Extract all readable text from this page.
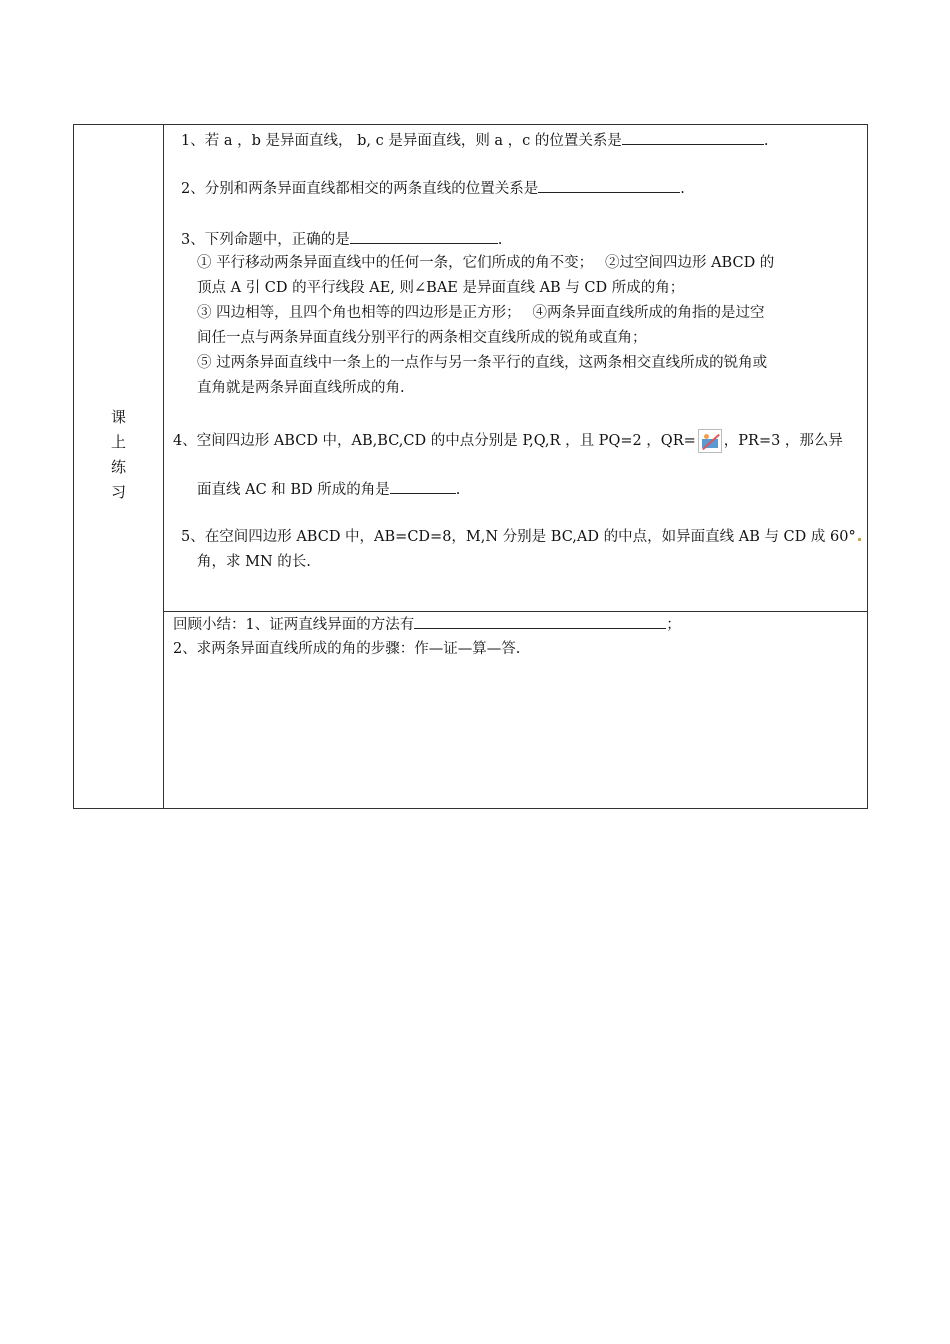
课
上
练
习
1、若 a ，b 是异面直线， b, c 是异面直线，则 a ，c 的位置关系是	.
2、分别和两条异面直线都相交的两条直线的位置关系是	.
3、下列命题中，正确的是	.
① 平行移动两条异面直线中的任何一条，它们所成的角不变；　 ②过空间四边形 ABCD 的
顶点 A 引 CD 的平行线段 AE, 则∠BAE 是异面直线 AB 与 CD 所成的角；
③ 四边相等，且四个角也相等的四边形是正方形；　 ④两条异面直线所成的角指的是过空
间任一点与两条异面直线分别平行的两条相交直线所成的锐角或直角；
⑤ 过两条异面直线中一条上的一点作与另一条平行的直线，这两条相交直线所成的锐角或
直角就是两条异面直线所成的角.
4、空间四边形 ABCD 中，AB,BC,CD 的中点分别是 P,Q,R ，且 PQ=2 ，QR= ，PR=3 ，那么异
面直线 AC 和 BD 所成的角是	.
5、在空间四边形 ABCD 中，AB=CD=8，M,N 分别是 BC,AD 的中点，如异面直线 AB 与 CD 成 60°
角，求 MN 的长.
回顾小结：1、证两直线异面的方法有	；
2、求两条异面直线所成的角的步骤：作—证—算—答.
